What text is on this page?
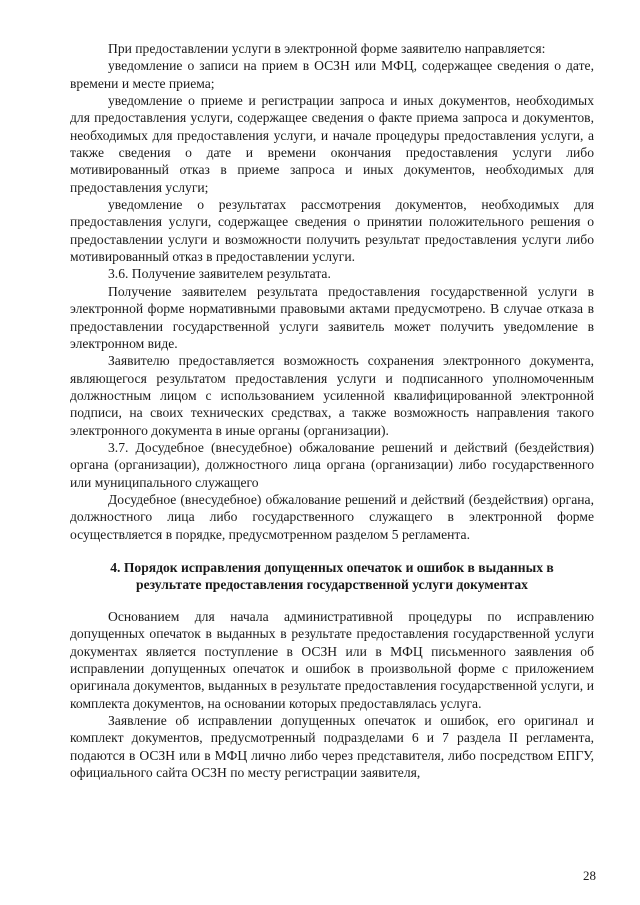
При предоставлении услуги в электронной форме заявителю направляется:

уведомление о записи на прием в ОСЗН или МФЦ, содержащее сведения о дате, времени и месте приема;

уведомление о приеме и регистрации запроса и иных документов, необходимых для предоставления услуги, содержащее сведения о факте приема запроса и документов, необходимых для предоставления услуги, и начале процедуры предоставления услуги, а также сведения о дате и времени окончания предоставления услуги либо мотивированный отказ в приеме запроса и иных документов, необходимых для предоставления услуги;

уведомление о результатах рассмотрения документов, необходимых для предоставления услуги, содержащее сведения о принятии положительного решения о предоставлении услуги и возможности получить результат предоставления услуги либо мотивированный отказ в предоставлении услуги.

3.6. Получение заявителем результата.

Получение заявителем результата предоставления государственной услуги в электронной форме нормативными правовыми актами предусмотрено. В случае отказа в предоставлении государственной услуги заявитель может получить уведомление в электронном виде.

Заявителю предоставляется возможность сохранения электронного документа, являющегося результатом предоставления услуги и подписанного уполномоченным должностным лицом с использованием усиленной квалифицированной электронной подписи, на своих технических средствах, а также возможность направления такого электронного документа в иные органы (организации).

3.7. Досудебное (внесудебное) обжалование решений и действий (бездействия) органа (организации), должностного лица органа (организации) либо государственного или муниципального служащего

Досудебное (внесудебное) обжалование решений и действий (бездействия) органа, должностного лица либо государственного служащего в электронной форме осуществляется в порядке, предусмотренном разделом 5 регламента.

4. Порядок исправления допущенных опечаток и ошибок в выданных в
результате предоставления государственной услуги документах

Основанием для начала административной процедуры по исправлению допущенных опечаток в выданных в результате предоставления государственной услуги документах является поступление в ОСЗН или в МФЦ письменного заявления об исправлении допущенных опечаток и ошибок в произвольной форме с приложением оригинала документов, выданных в результате предоставления государственной услуги, и комплекта документов, на основании которых предоставлялась услуга.

Заявление об исправлении допущенных опечаток и ошибок, его оригинал и комплект документов, предусмотренный подразделами 6 и 7 раздела II регламента, подаются в ОСЗН или в МФЦ лично либо через представителя, либо посредством ЕПГУ, официального сайта ОСЗН по месту регистрации заявителя,

28
